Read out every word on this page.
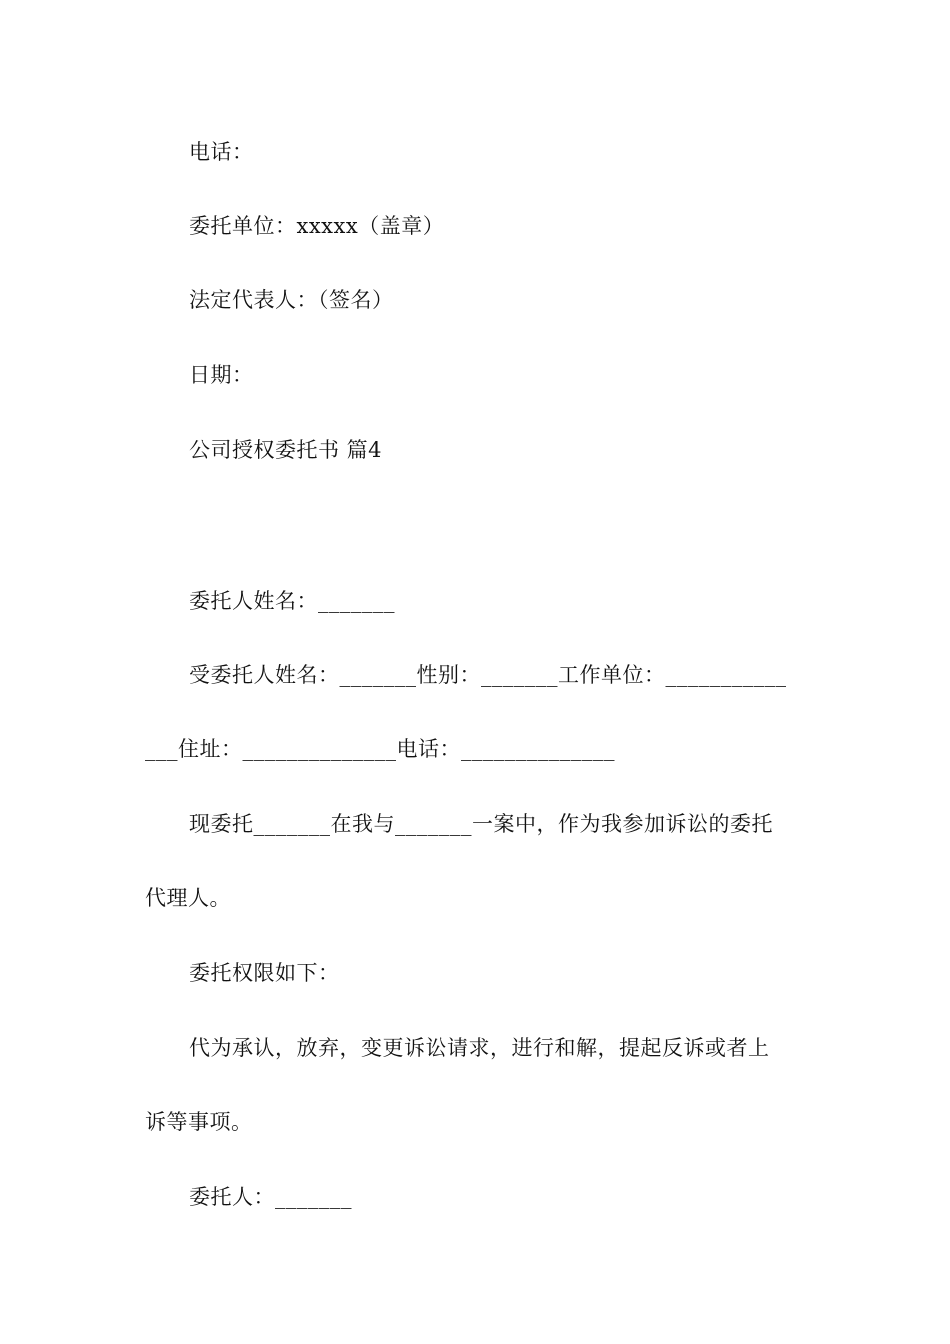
电话：
委托单位：xxxxx（盖章）
法定代表人：（签名）
日期：
公司授权委托书 篇4
委托人姓名：_______
受委托人姓名：_______性别：_______工作单位：___________
___住址：______________电话：______________
现委托_______在我与_______一案中，作为我参加诉讼的委托
代理人。
委托权限如下：
代为承认，放弃，变更诉讼请求，进行和解，提起反诉或者上
诉等事项。
委托人：_______
